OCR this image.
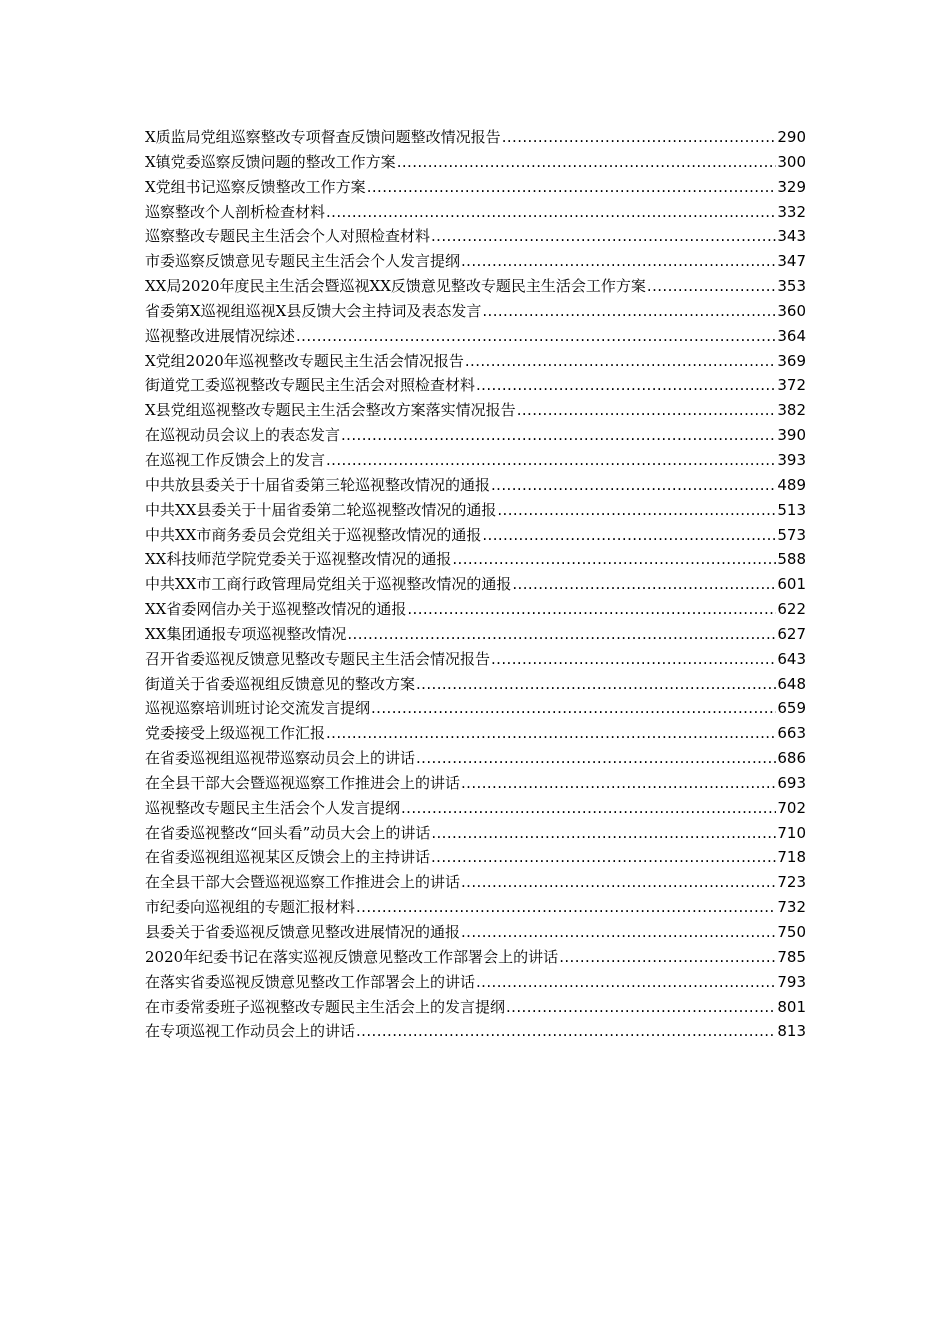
X质监局党组巡察整改专项督查反馈问题整改情况报告 .....	290
X镇党委巡察反馈问题的整改工作方案 .....	300
X党组书记巡察反馈整改工作方案 .....	329
巡察整改个人剖析检查材料 .....	332
巡察整改专题民主生活会个人对照检查材料 .....	343
市委巡察反馈意见专题民主生活会个人发言提纲 .....	347
XX局2020年度民主生活会暨巡视XX反馈意见整改专题民主生活会工作方案 .....	353
省委第X巡视组巡视X县反馈大会主持词及表态发言 .....	360
巡视整改进展情况综述 .....	364
X党组2020年巡视整改专题民主生活会情况报告 .....	369
街道党工委巡视整改专题民主生活会对照检查材料 .....	372
X县党组巡视整改专题民主生活会整改方案落实情况报告 .....	382
在巡视动员会议上的表态发言 .....	390
在巡视工作反馈会上的发言 .....	393
中共放县委关于十届省委第三轮巡视整改情况的通报 .....	489
中共XX县委关于十届省委第二轮巡视整改情况的通报 .....	513
中共XX市商务委员会党组关于巡视整改情况的通报 .....	573
XX科技师范学院党委关于巡视整改情况的通报 .....	588
中共XX市工商行政管理局党组关于巡视整改情况的通报 .....	601
XX省委网信办关于巡视整改情况的通报 .....	622
XX集团通报专项巡视整改情况 .....	627
召开省委巡视反馈意见整改专题民主生活会情况报告 .....	643
街道关于省委巡视组反馈意见的整改方案 .....	648
巡视巡察培训班讨论交流发言提纲 .....	659
党委接受上级巡视工作汇报 .....	663
在省委巡视组巡视带巡察动员会上的讲话 .....	686
在全县干部大会暨巡视巡察工作推进会上的讲话 .....	693
巡视整改专题民主生活会个人发言提纲 .....	702
在省委巡视整改“回头看”动员大会上的讲话 .....	710
在省委巡视组巡视某区反馈会上的主持讲话 .....	718
在全县干部大会暨巡视巡察工作推进会上的讲话 .....	723
市纪委向巡视组的专题汇报材料 .....	732
县委关于省委巡视反馈意见整改进展情况的通报 .....	750
2020年纪委书记在落实巡视反馈意见整改工作部署会上的讲话 .....	785
在落实省委巡视反馈意见整改工作部署会上的讲话 .....	793
在市委常委班子巡视整改专题民主生活会上的发言提纲 .....	801
在专项巡视工作动员会上的讲话 .....	813
